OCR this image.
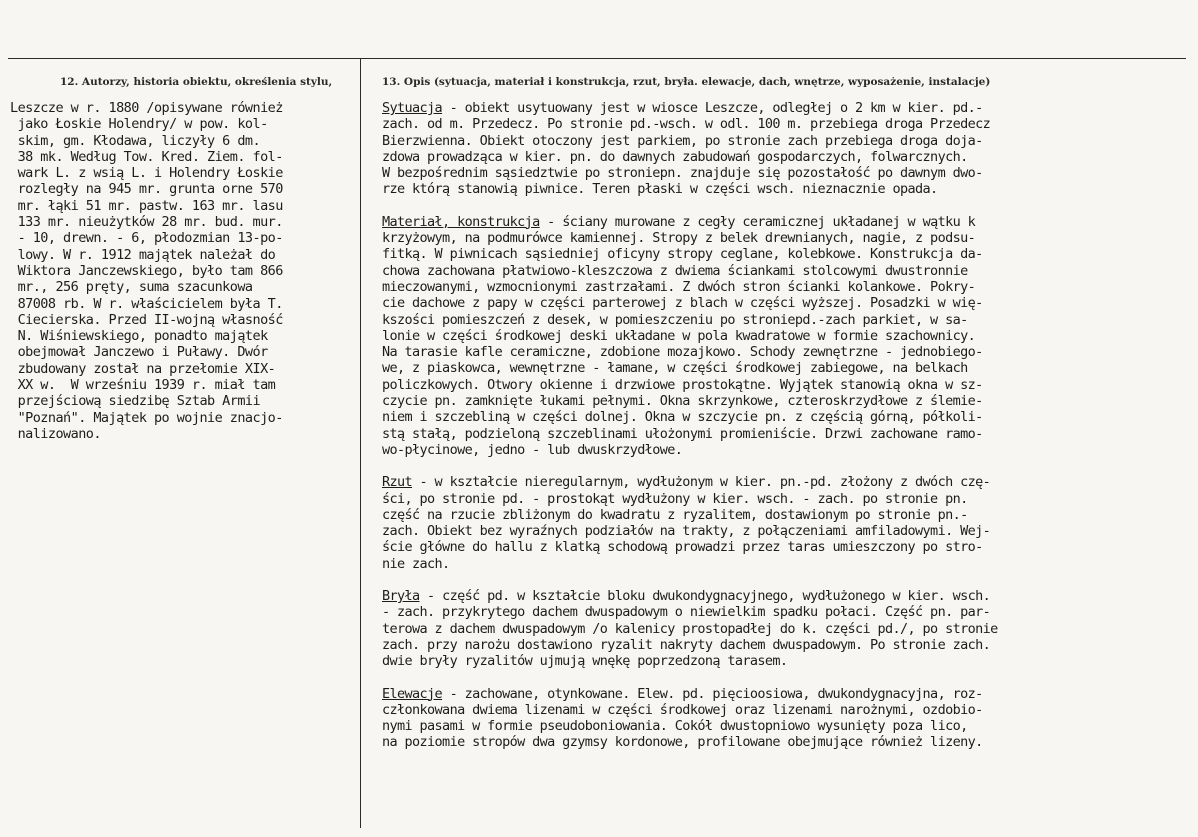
12. Autorzy, historia obiektu, określenia stylu,	13. Opis (sytuacja, materiał i konstrukcja, rzut, bryła. elewacje, dach, wnętrze, wyposażenie, instalacje)
Leszcze w r. 1880 /opisywane również
jako Łoskie Holendry/ w pow. kol-
skim, gm. Kłodawa, liczyły 6 dm.
38 mk. Według Tow. Kred. Ziem. fol-
wark L. z wsią L. i Holendry Łoskie
rozległy na 945 mr. grunta orne 570
mr. łąki 51 mr. pastw. 163 mr. lasu
133 mr. nieużytków 28 mr. bud. mur.
- 10, drewn. - 6, płodozmian 13-po-
lowy. W r. 1912 majątek należał do
Wiktora Janczewskiego, było tam 866
mr., 256 pręty, suma szacunkowa
87008 rb. W r. właścicielem była T.
Ciecierska. Przed II-wojną własność
N. Wiśniewskiego, ponadto majątek
obejmował Janczewo i Puławy. Dwór
zbudowany został na przełomie XIX-
XX w.  W wrześniu 1939 r. miał tam
przejściową siedzibę Sztab Armii
"Poznań". Majątek po wojnie znacjo-
nalizowano.
Sytuacja - obiekt usytuowany jest w wiosce Leszcze, odległej o 2 km w kier. pd.-
zach. od m. Przedecz. Po stronie pd.-wsch. w odl. 100 m. przebiega droga Przedecz
Bierzwienna. Obiekt otoczony jest parkiem, po stronie zach przebiega droga doja-
zdowa prowadząca w kier. pn. do dawnych zabudowań gospodarczych, folwarcznych.
W bezpośrednim sąsiedztwie po stroniepn. znajduje się pozostałość po dawnym dwo-
rze którą stanowią piwnice. Teren płaski w części wsch. nieznacznie opada.
Materiał, konstrukcja - ściany murowane z cegły ceramicznej układanej w wątku k
krzyżowym, na podmurówce kamiennej. Stropy z belek drewnianych, nagie, z podsu-
fitką. W piwnicach sąsiedniej oficyny stropy ceglane, kolebkowe. Konstrukcja da-
chowa zachowana płatwiowo-kleszczowa z dwiema ściankami stolcowymi dwustronnie
mieczowanymi, wzmocnionymi zastrzałami. Z dwóch stron ścianki kolankowe. Pokry-
cie dachowe z papy w części parterowej z blach w części wyższej. Posadzki w wię-
kszości pomieszczeń z desek, w pomieszczeniu po stroniepd.-zach parkiet, w sa-
lonie w części środkowej deski układane w pola kwadratowe w formie szachownicy.
Na tarasie kafle ceramiczne, zdobione mozajkowo. Schody zewnętrzne - jednobiego-
we, z piaskowca, wewnętrzne - łamane, w części środkowej zabiegowe, na belkach
policzkowych. Otwory okienne i drzwiowe prostokątne. Wyjątek stanowią okna w sz-
czycie pn. zamknięte łukami pełnymi. Okna skrzynkowe, czteroskrzydłowe z ślemie-
niem i szczebliną w części dolnej. Okna w szczycie pn. z częścią górną, półkoli-
stą stałą, podzieloną szczeblinami ułożonymi promieniście. Drzwi zachowane ramo-
wo-płycinowe, jedno - lub dwuskrzydłowe.
Rzut - w kształcie nieregularnym, wydłużonym w kier. pn.-pd. złożony z dwóch czę-
ści, po stronie pd. - prostokąt wydłużony w kier. wsch. - zach. po stronie pn.
część na rzucie zbliżonym do kwadratu z ryzalitem, dostawionym po stronie pn.-
zach. Obiekt bez wyraźnych podziałów na trakty, z połączeniami amfiladowymi. Wej-
ście główne do hallu z klatką schodową prowadzi przez taras umieszczony po stro-
nie zach.
Bryła - część pd. w kształcie bloku dwukondygnacyjnego, wydłużonego w kier. wsch.
- zach. przykrytego dachem dwuspadowym o niewielkim spadku połaci. Część pn. par-
terowa z dachem dwuspadowym /o kalenicy prostopadłej do k. części pd./, po stronie
zach. przy narożu dostawiono ryzalit nakryty dachem dwuspadowym. Po stronie zach.
dwie bryły ryzalitów ujmują wnękę poprzedzoną tarasem.
Elewacje - zachowane, otynkowane. Elew. pd. pięcioosiowa, dwukondygnacyjna, roz-
członkowana dwiema lizenami w części środkowej oraz lizenami narożnymi, ozdobio-
nymi pasami w formie pseudoboniowania. Cokół dwustopniowo wysunięty poza lico,
na poziomie stropów dwa gzymsy kordonowe, profilowane obejmujące również lizeny.
